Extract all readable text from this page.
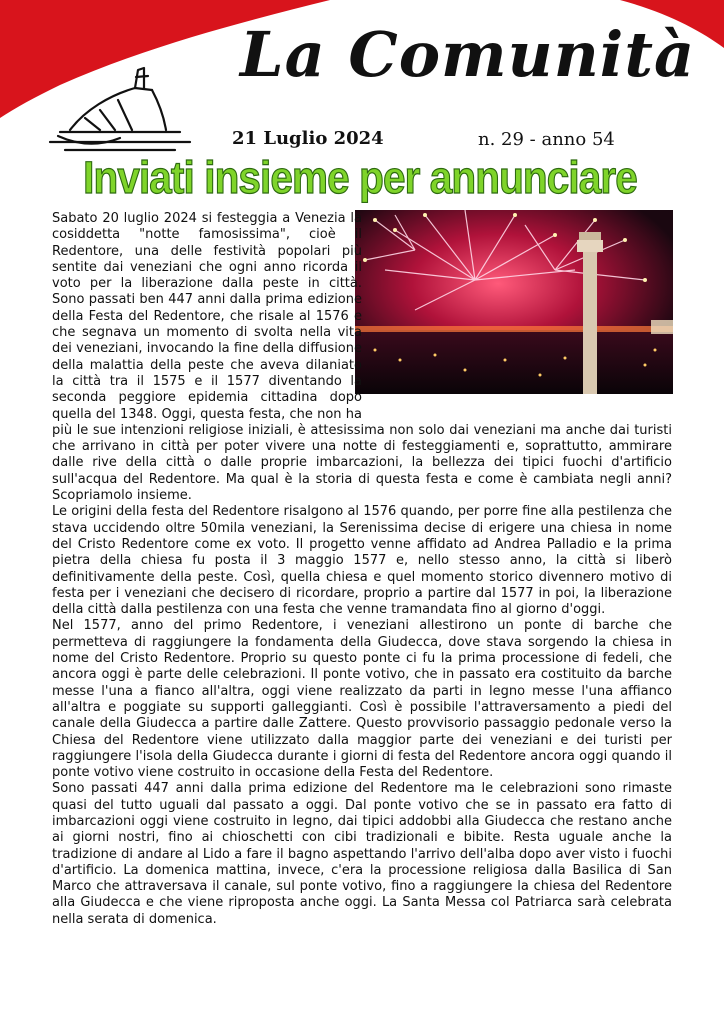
La Comunità
21 Luglio 2024	n. 29 - anno 54
Inviati insieme per annunciare

Sabato 20 luglio 2024 si festeggia a Venezia la cosiddetta "notte famosissima", cioè il Redentore, una delle festività popolari più sentite dai veneziani che ogni anno ricorda il voto per la liberazione dalla peste in città. Sono passati ben 447 anni dalla prima edizione della Festa del Redentore, che risale al 1576 e che segnava un momento di svolta nella vita dei veneziani, invocando la fine della diffusione della malattia della peste che aveva dilaniato la città tra il 1575 e il 1577 diventando la seconda peggiore epidemia cittadina dopo quella del 1348. Oggi, questa festa, che non ha più le sue intenzioni religiose iniziali, è attesissima non solo dai veneziani ma anche dai turisti che arrivano in città per poter vivere una notte di festeggiamenti e, soprattutto, ammirare dalle rive della città o dalle proprie imbarcazioni, la bellezza dei tipici fuochi d'artificio sull'acqua del Redentore. Ma qual è la storia di questa festa e come è cambiata negli anni? Scopriamolo insieme.

Le origini della festa del Redentore risalgono al 1576 quando, per porre fine alla pestilenza che stava uccidendo oltre 50mila veneziani, la Serenissima decise di erigere una chiesa in nome del Cristo Redentore come ex voto. Il progetto venne affidato ad Andrea Palladio e la prima pietra della chiesa fu posta il 3 maggio 1577 e, nello stesso anno, la città si liberò definitivamente della peste. Così, quella chiesa e quel momento storico divennero motivo di festa per i veneziani che decisero di ricordare, proprio a partire dal 1577 in poi, la liberazione della città dalla pestilenza con una festa che venne tramandata fino al giorno d'oggi.

Nel 1577, anno del primo Redentore, i veneziani allestirono un ponte di barche che permetteva di raggiungere la fondamenta della Giudecca, dove stava sorgendo la chiesa in nome del Cristo Redentore. Proprio su questo ponte ci fu la prima processione di fedeli, che ancora oggi è parte delle celebrazioni. Il ponte votivo, che in passato era costituito da barche messe l'una a fianco all'altra, oggi viene realizzato da parti in legno messe l'una affianco all'altra e poggiate su supporti galleggianti. Così è possibile l'attraversamento a piedi del canale della Giudecca a partire dalle Zattere. Questo provvisorio passaggio pedonale verso la Chiesa del Redentore viene utilizzato dalla maggior parte dei veneziani e dei turisti per raggiungere l'isola della Giudecca durante i giorni di festa del Redentore ancora oggi quando il ponte votivo viene costruito in occasione della Festa del Redentore.

Sono passati 447 anni dalla prima edizione del Redentore ma le celebrazioni sono rimaste quasi del tutto uguali dal passato a oggi. Dal ponte votivo che se in passato era fatto di imbarcazioni oggi viene costruito in legno, dai tipici addobbi alla Giudecca che restano anche ai giorni nostri, fino ai chioschetti con cibi tradizionali e bibite. Resta uguale anche la tradizione di andare al Lido a fare il bagno aspettando l'arrivo dell'alba dopo aver visto i fuochi d'artificio. La domenica mattina, invece, c'era la processione religiosa dalla Basilica di San Marco che attraversava il canale, sul ponte votivo, fino a raggiungere la chiesa del Redentore alla Giudecca e che viene riproposta anche oggi. La Santa Messa col Patriarca sarà celebrata nella serata di domenica.
